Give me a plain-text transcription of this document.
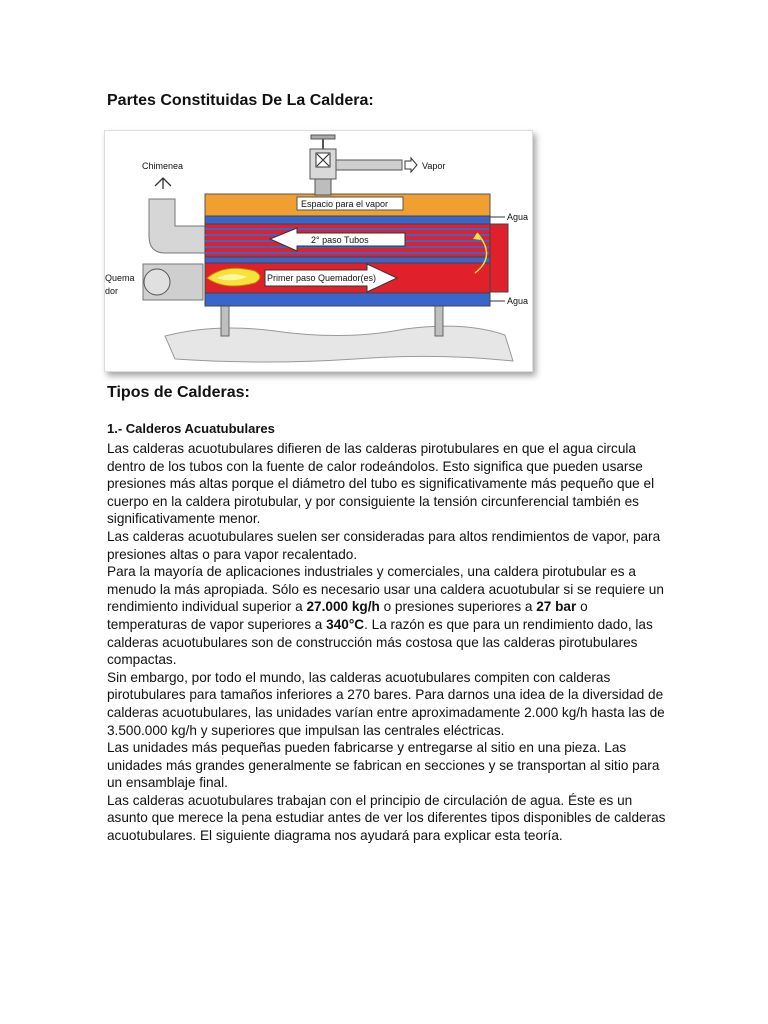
Partes Constituidas De La Caldera:
Chimenea
Quema
dor
2° paso Tubos
Primer paso Quemador(es)
Espacio para el vapor
Agua
Agua
Vapor
Tipos de Calderas:
1.- Calderos Acuatubulares

Las calderas acuotubulares difieren de las calderas pirotubulares en que el agua circula dentro de los tubos con la fuente de calor rodeándolos. Esto significa que pueden usarse presiones más altas porque el diámetro del tubo es significativamente más pequeño que el cuerpo en la caldera pirotubular, y por consiguiente la tensión circunferencial también es significativamente menor.

Las calderas acuotubulares suelen ser consideradas para altos rendimientos de vapor, para presiones altas o para vapor recalentado.

Para la mayoría de aplicaciones industriales y comerciales, una caldera pirotubular es a menudo la más apropiada. Sólo es necesario usar una caldera acuotubular si se requiere un rendimiento individual superior a 27.000 kg/h o presiones superiores a 27 bar o temperaturas de vapor superiores a 340°C. La razón es que para un rendimiento dado, las calderas acuotubulares son de construcción más costosa que las calderas pirotubulares compactas.

Sin embargo, por todo el mundo, las calderas acuotubulares compiten con calderas pirotubulares para tamaños inferiores a 270 bares. Para darnos una idea de la diversidad de calderas acuotubulares, las unidades varían entre aproximadamente 2.000 kg/h hasta las de 3.500.000 kg/h y superiores que impulsan las centrales eléctricas.

Las unidades más pequeñas pueden fabricarse y entregarse al sitio en una pieza. Las unidades más grandes generalmente se fabrican en secciones y se transportan al sitio para un ensamblaje final.

Las calderas acuotubulares trabajan con el principio de circulación de agua. Éste es un asunto que merece la pena estudiar antes de ver los diferentes tipos disponibles de calderas acuotubulares. El siguiente diagrama nos ayudará para explicar esta teoría.
